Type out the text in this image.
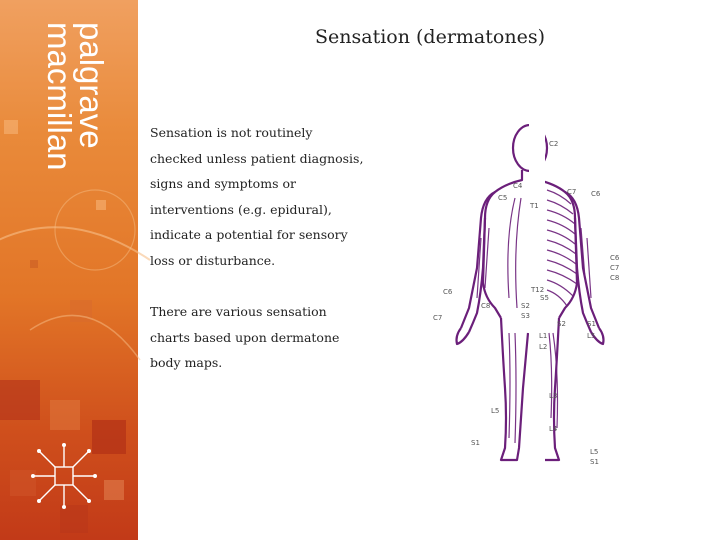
palgrave
macmillan	Sensation (dermatones)

Sensation is not routinely checked unless patient diagnosis, signs and symptoms or interventions (e.g. epidural), indicate a potential for sensory loss or disturbance.

There are various sensation charts based upon dermatone body maps.

C2
C4
C5
T1
C7 C6
C6
C7
C8
C6
C8
T12
S5
S2
S3
C7
S2	S1
L5
L1
L2
L3
L5
L4
S1
L5
S1
